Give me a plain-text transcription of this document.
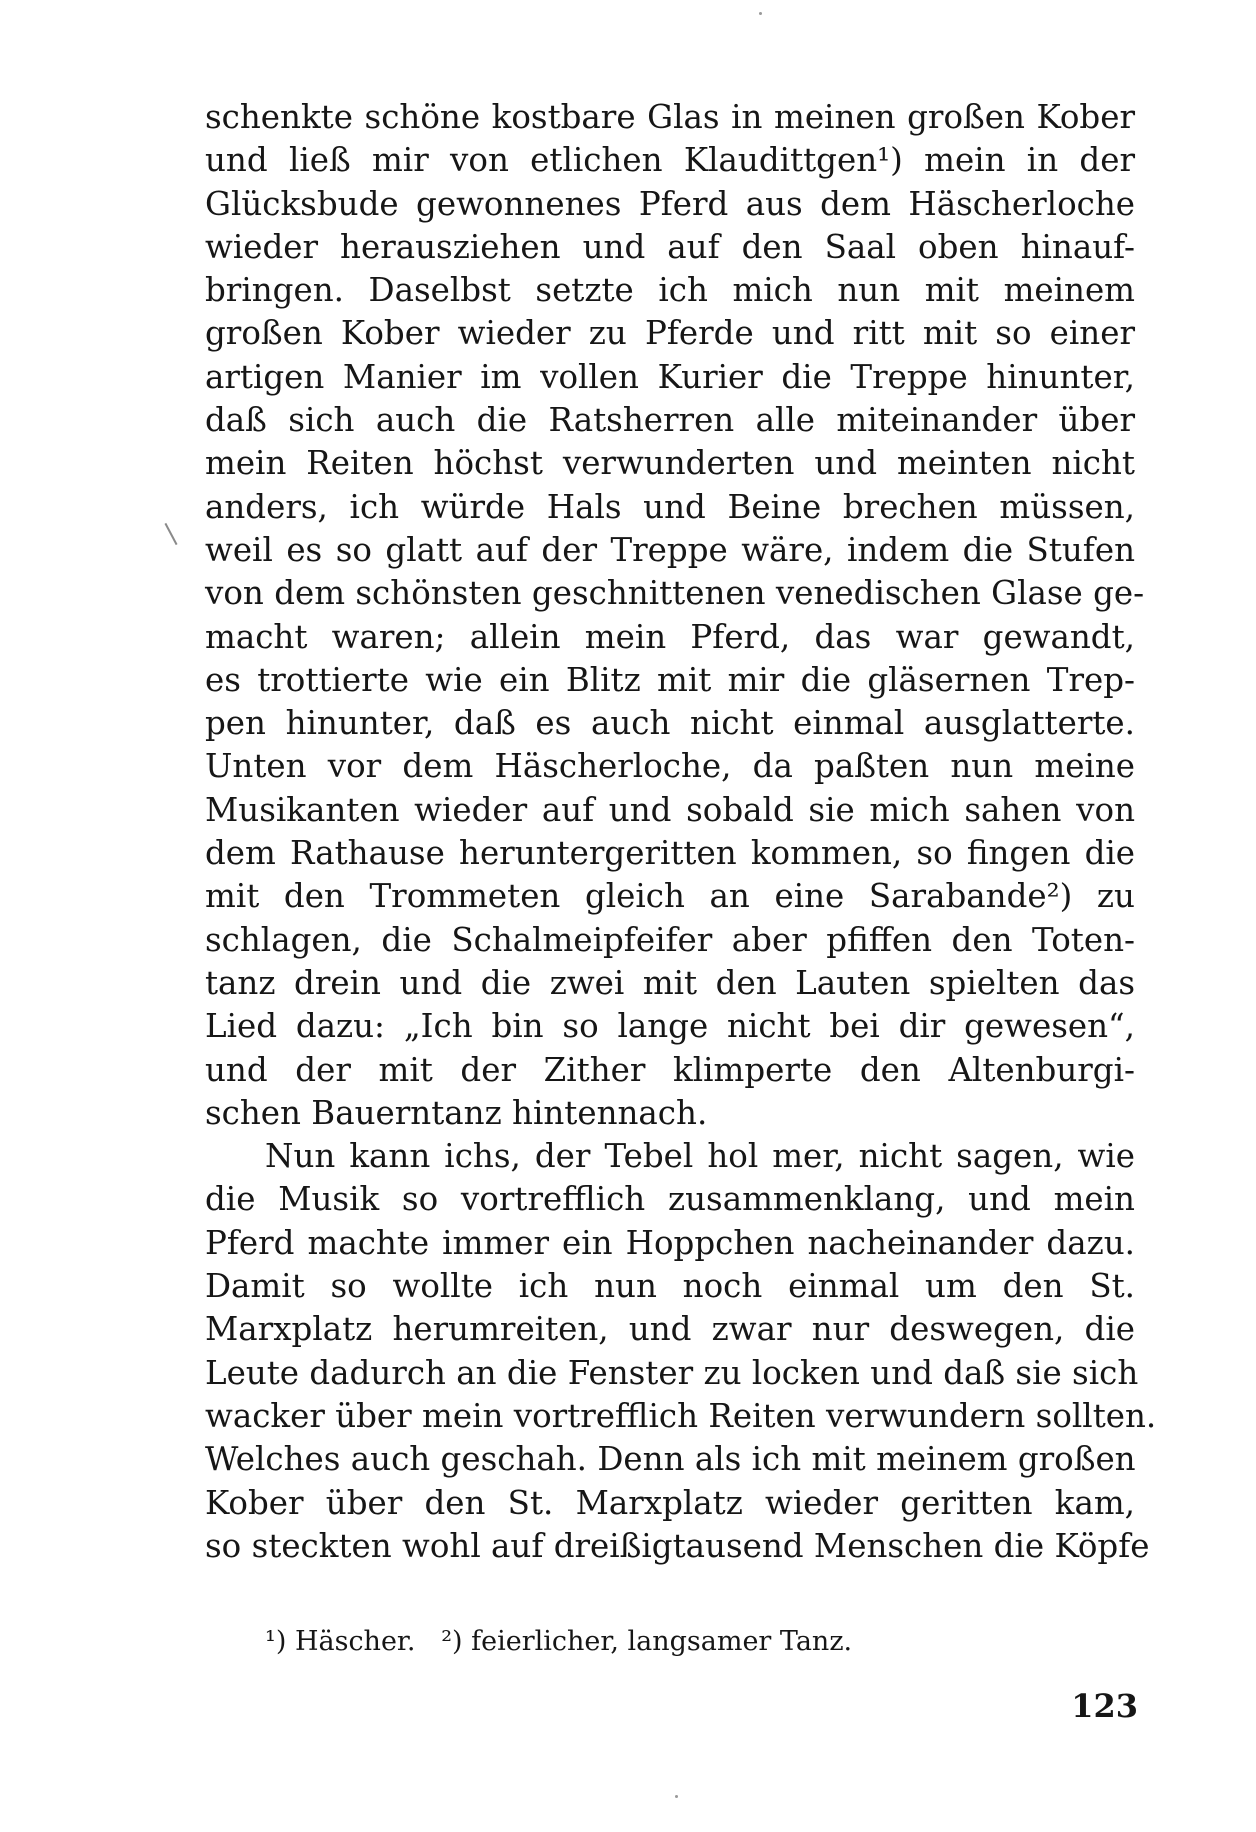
schenkte schöne kostbare Glas in meinen großen Kober
und ließ mir von etlichen Klaudittgen¹) mein in der
Glücksbude gewonnenes Pferd aus dem Häscherloche
wieder herausziehen und auf den Saal oben hinauf-
bringen. Daselbst setzte ich mich nun mit meinem
großen Kober wieder zu Pferde und ritt mit so einer
artigen Manier im vollen Kurier die Treppe hinunter,
daß sich auch die Ratsherren alle miteinander über
mein Reiten höchst verwunderten und meinten nicht
anders, ich würde Hals und Beine brechen müssen,
weil es so glatt auf der Treppe wäre, indem die Stufen
von dem schönsten geschnittenen venedischen Glase ge-
macht waren; allein mein Pferd, das war gewandt,
es trottierte wie ein Blitz mit mir die gläsernen Trep-
pen hinunter, daß es auch nicht einmal ausglatterte.
Unten vor dem Häscherloche, da paßten nun meine
Musikanten wieder auf und sobald sie mich sahen von
dem Rathause heruntergeritten kommen, so fingen die
mit den Trommeten gleich an eine Sarabande²) zu
schlagen, die Schalmeipfeifer aber pfiffen den Toten-
tanz drein und die zwei mit den Lauten spielten das
Lied dazu: „Ich bin so lange nicht bei dir gewesen“,
und der mit der Zither klimperte den Altenburgi-
schen Bauerntanz hintennach.
Nun kann ichs, der Tebel hol mer, nicht sagen, wie
die Musik so vortrefflich zusammenklang, und mein
Pferd machte immer ein Hoppchen nacheinander dazu.
Damit so wollte ich nun noch einmal um den St.
Marxplatz herumreiten, und zwar nur deswegen, die
Leute dadurch an die Fenster zu locken und daß sie sich
wacker über mein vortrefflich Reiten verwundern sollten.
Welches auch geschah. Denn als ich mit meinem großen
Kober über den St. Marxplatz wieder geritten kam,
so steckten wohl auf dreißigtausend Menschen die Köpfe
¹) Häscher.   ²) feierlicher, langsamer Tanz.
123
